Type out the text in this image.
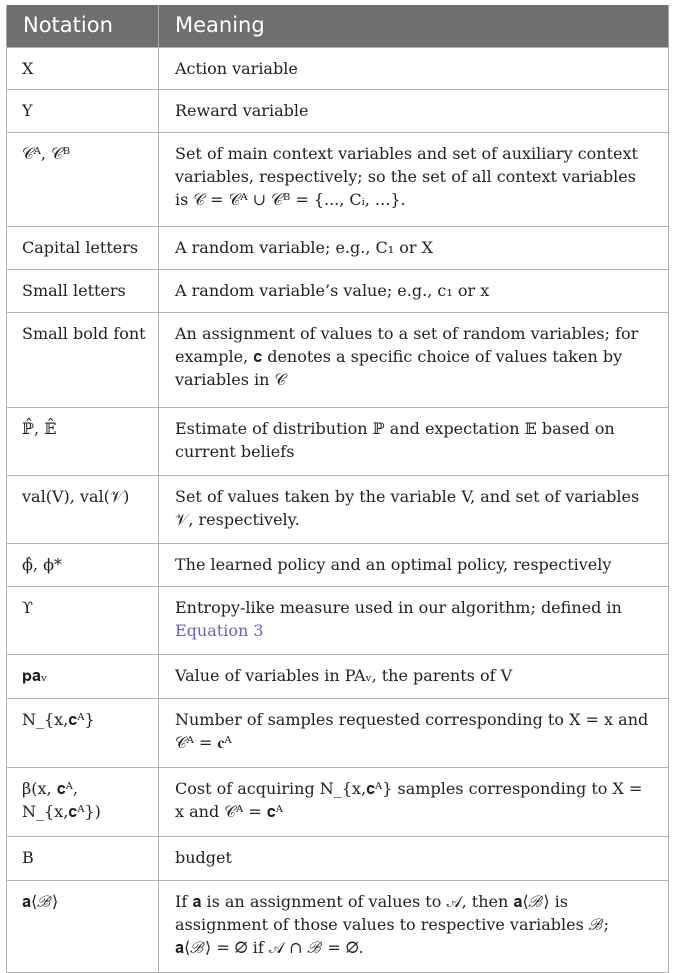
Notation	Meaning
X	Action variable
Y	Reward variable
𝒞ᴬ, 𝒞ᴮ	Set of main context variables and set of auxiliary context variables, respectively; so the set of all context variables is 𝒞 = 𝒞ᴬ ∪ 𝒞ᴮ = {..., Cᵢ, ...}.
Capital letters	A random variable; e.g., C₁ or X
Small letters	A random variable’s value; e.g., c₁ or x
Small bold font	An assignment of values to a set of random variables; for example, 𝐜 denotes a specific choice of values taken by variables in 𝒞
ℙ̂, 𝔼̂	Estimate of distribution ℙ and expectation 𝔼 based on current beliefs
val(V), val(𝒱)	Set of values taken by the variable V, and set of variables 𝒱, respectively.
ϕ̂, ϕ*	The learned policy and an optimal policy, respectively
ϒ	Entropy-like measure used in our algorithm; defined in Equation 3
𝐩𝐚ᵥ	Value of variables in PAᵥ, the parents of V
N_{x,𝐜ᴬ}	Number of samples requested corresponding to X = x and 𝒞ᴬ = 𝐜ᴬ
β(x, 𝐜ᴬ, N_{x,𝐜ᴬ})	Cost of acquiring N_{x,𝐜ᴬ} samples corresponding to X = x and 𝒞ᴬ = 𝐜ᴬ
B	budget
𝐚⟨ℬ⟩	If 𝐚 is an assignment of values to 𝒜, then 𝐚⟨ℬ⟩ is assignment of those values to respective variables ℬ; 𝐚⟨ℬ⟩ = ∅ if 𝒜 ∩ ℬ = ∅.
